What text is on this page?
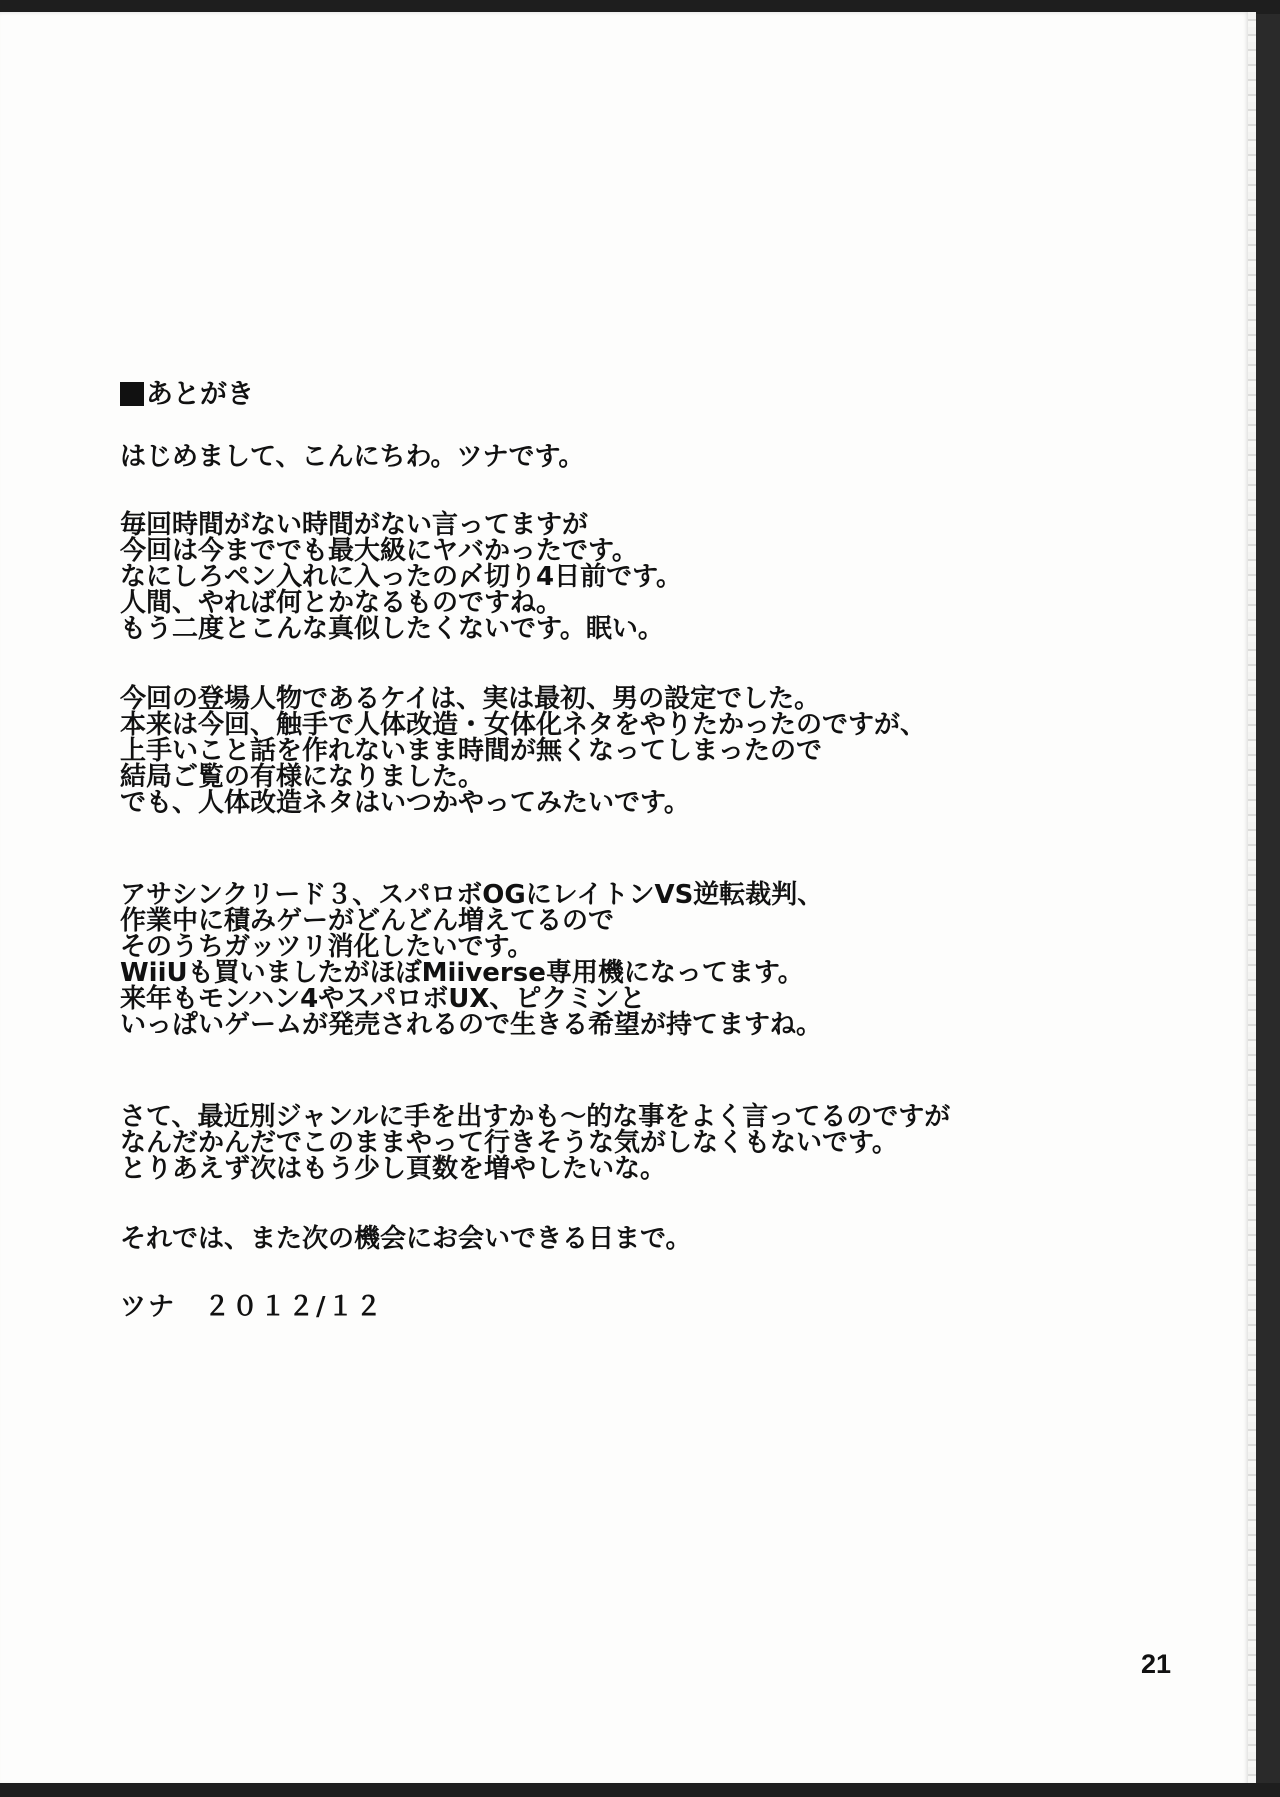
あとがき
はじめまして、こんにちわ。ツナです。
毎回時間がない時間がない言ってますが
今回は今まででも最大級にヤバかったです。
なにしろペン入れに入ったの〆切り4日前です。
人間、やれば何とかなるものですね。
もう二度とこんな真似したくないです。眠い。
今回の登場人物であるケイは、実は最初、男の設定でした。
本来は今回、触手で人体改造・女体化ネタをやりたかったのですが、
上手いこと話を作れないまま時間が無くなってしまったので
結局ご覧の有様になりました。
でも、人体改造ネタはいつかやってみたいです。
アサシンクリード３、スパロボOGにレイトンVS逆転裁判、
作業中に積みゲーがどんどん増えてるので
そのうちガッツリ消化したいです。
WiiUも買いましたがほぼMiiverse専用機になってます。
来年もモンハン4やスパロボUX、ピクミンと
いっぱいゲームが発売されるので生きる希望が持てますね。
さて、最近別ジャンルに手を出すかも～的な事をよく言ってるのですが
なんだかんだでこのままやって行きそうな気がしなくもないです。
とりあえず次はもう少し頁数を増やしたいな。
それでは、また次の機会にお会いできる日まで。
ツナ　２０１２/１２
21
